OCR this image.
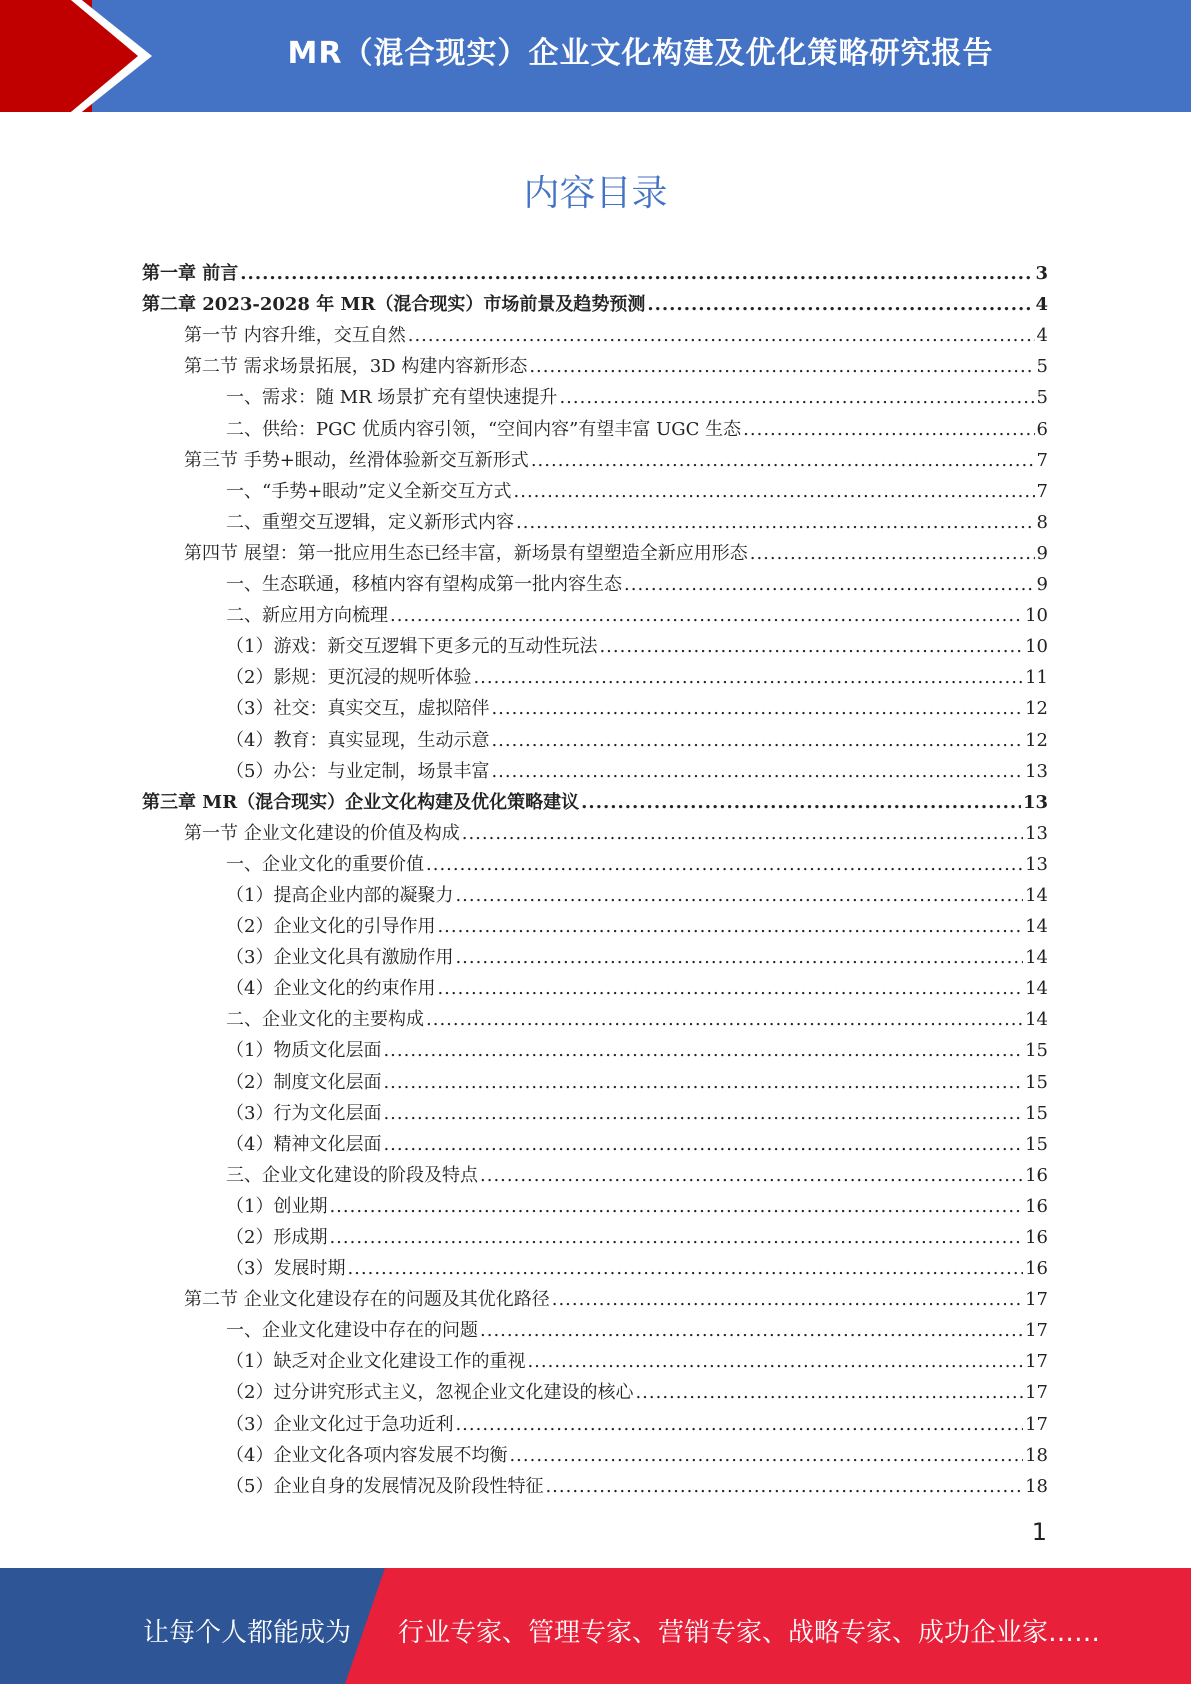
MR（混合现实）企业文化构建及优化策略研究报告
内容目录
第一章 前言 .....	3
第二章 2023-2028 年 MR（混合现实）市场前景及趋势预测 .....	4
第一节 内容升维，交互自然 .....	4
第二节 需求场景拓展，3D 构建内容新形态 .....	5
一、需求：随 MR 场景扩充有望快速提升 .....	5
二、供给：PGC 优质内容引领，“空间内容”有望丰富 UGC 生态 .....	6
第三节 手势+眼动，丝滑体验新交互新形式 .....	7
一、“手势+眼动”定义全新交互方式 .....	7
二、重塑交互逻辑，定义新形式内容 .....	8
第四节 展望：第一批应用生态已经丰富，新场景有望塑造全新应用形态 .....	9
一、生态联通，移植内容有望构成第一批内容生态 .....	9
二、新应用方向梳理 .....	10
（1）游戏：新交互逻辑下更多元的互动性玩法 .....	10
（2）影规：更沉浸的规听体验 .....	11
（3）社交：真实交互，虚拟陪伴 .....	12
（4）教育：真实显现，生动示意 .....	12
（5）办公：与业定制，场景丰富 .....	13
第三章 MR（混合现实）企业文化构建及优化策略建议 .....	13
第一节 企业文化建设的价值及构成 .....	13
一、企业文化的重要价值 .....	13
（1）提高企业内部的凝聚力 .....	14
（2）企业文化的引导作用 .....	14
（3）企业文化具有激励作用 .....	14
（4）企业文化的约束作用 .....	14
二、企业文化的主要构成 .....	14
（1）物质文化层面 .....	15
（2）制度文化层面 .....	15
（3）行为文化层面 .....	15
（4）精神文化层面 .....	15
三、企业文化建设的阶段及特点 .....	16
（1）创业期 .....	16
（2）形成期 .....	16
（3）发展时期 .....	16
第二节 企业文化建设存在的问题及其优化路径 .....	17
一、企业文化建设中存在的问题 .....	17
（1）缺乏对企业文化建设工作的重视 .....	17
（2）过分讲究形式主义，忽视企业文化建设的核心 .....	17
（3）企业文化过于急功近利 .....	17
（4）企业文化各项内容发展不均衡 .....	18
（5）企业自身的发展情况及阶段性特征 .....	18
1
让每个人都能成为 行业专家、管理专家、营销专家、战略专家、成功企业家……
